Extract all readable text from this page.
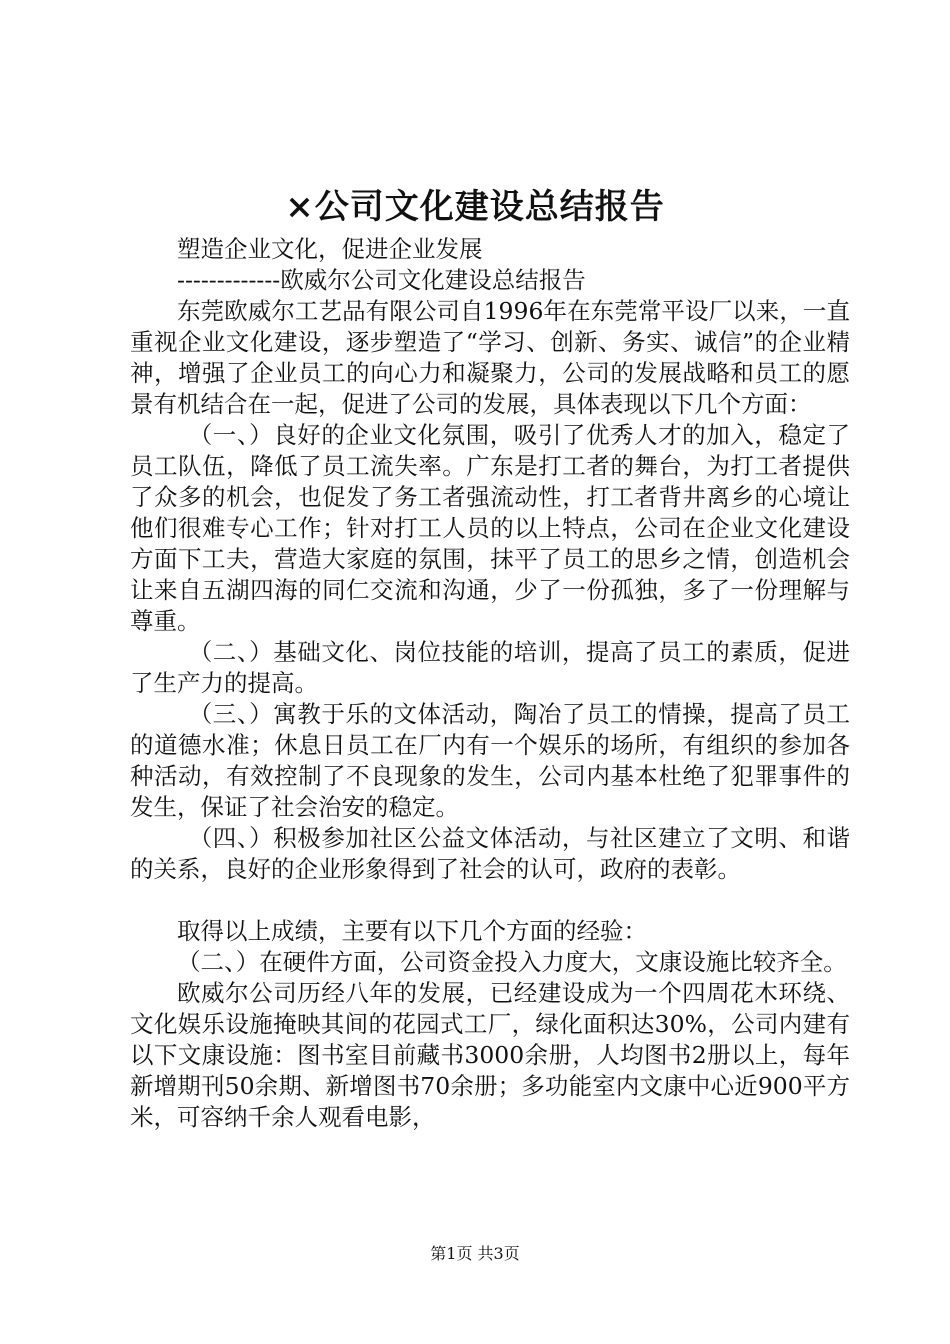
×公司文化建设总结报告

塑造企业文化，促进企业发展

-------------欧威尔公司文化建设总结报告

东莞欧威尔工艺品有限公司自1996年在东莞常平设厂以来，一直重视企业文化建设，逐步塑造了“学习、创新、务实、诚信”的企业精神，增强了企业员工的向心力和凝聚力，公司的发展战略和员工的愿景有机结合在一起，促进了公司的发展，具体表现以下几个方面：

（一、）良好的企业文化氛围，吸引了优秀人才的加入，稳定了员工队伍，降低了员工流失率。广东是打工者的舞台，为打工者提供了众多的机会，也促发了务工者强流动性，打工者背井离乡的心境让他们很难专心工作；针对打工人员的以上特点，公司在企业文化建设方面下工夫，营造大家庭的氛围，抹平了员工的思乡之情，创造机会让来自五湖四海的同仁交流和沟通，少了一份孤独，多了一份理解与尊重。

（二、）基础文化、岗位技能的培训，提高了员工的素质，促进了生产力的提高。

（三、）寓教于乐的文体活动，陶冶了员工的情操，提高了员工的道德水准；休息日员工在厂内有一个娱乐的场所，有组织的参加各种活动，有效控制了不良现象的发生，公司内基本杜绝了犯罪事件的发生，保证了社会治安的稳定。

（四、）积极参加社区公益文体活动，与社区建立了文明、和谐的关系，良好的企业形象得到了社会的认可，政府的表彰。

取得以上成绩，主要有以下几个方面的经验：

（二、）在硬件方面，公司资金投入力度大，文康设施比较齐全。

欧威尔公司历经八年的发展，已经建设成为一个四周花木环绕、文化娱乐设施掩映其间的花园式工厂，绿化面积达30%，公司内建有以下文康设施：图书室目前藏书3000余册，人均图书2册以上，每年新增期刊50余期、新增图书70余册；多功能室内文康中心近900平方米，可容纳千余人观看电影，

第1页 共3页
